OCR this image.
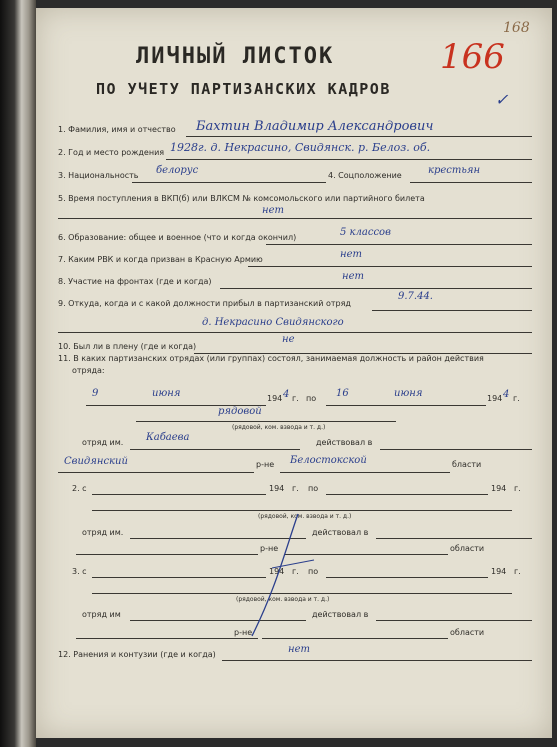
ЛИЧНЫЙ ЛИСТОК
ПО УЧЕТУ ПАРТИЗАНСКИХ КАДРОВ
166
168
✓
1. Фамилия, имя и отчество Бахтин Владимир Александрович
2. Год и место рождения 1928г. д. Некрасино, Свидянск. р. Белоз. об.
3. Национальность белорус	4. Соцположение	крестьян
5. Время поступления в ВКП(б) или ВЛКСМ № комсомольского или партийного билета
нет
6. Образование: общее и военное (что и когда окончил)	5 классов
7. Каким РВК и когда призван в Красную Армию	нет
8. Участие на фронтах (где и когда)	нет
9. Откуда, когда и с какой должности прибыл в партизанский отряд
9.7.44.
д. Некрасино Свидянского
10. Был ли в плену (где и когда)
не
11. В каких партизанских отрядах (или группах) состоял, занимаемая должность и район действия
отряда:
9	июня	194 4 г. по 16	июня	194 4 г.
рядовой
(рядовой, ком. взвода и т. д.)
отряд им. Кабаева	действовал в
Свидянский	р-не Белостокской	бласти
2. с	194 г. по	194 г.
(рядовой, ком. взвода и т. д.)
отряд им.	действовал в
р-не	области
3. с	194 г. по	194 г.
(рядовой, ком. взвода и т. д.)
отряд им	действовал в
р-не	области
12. Ранения и контузии (где и когда)	нет
